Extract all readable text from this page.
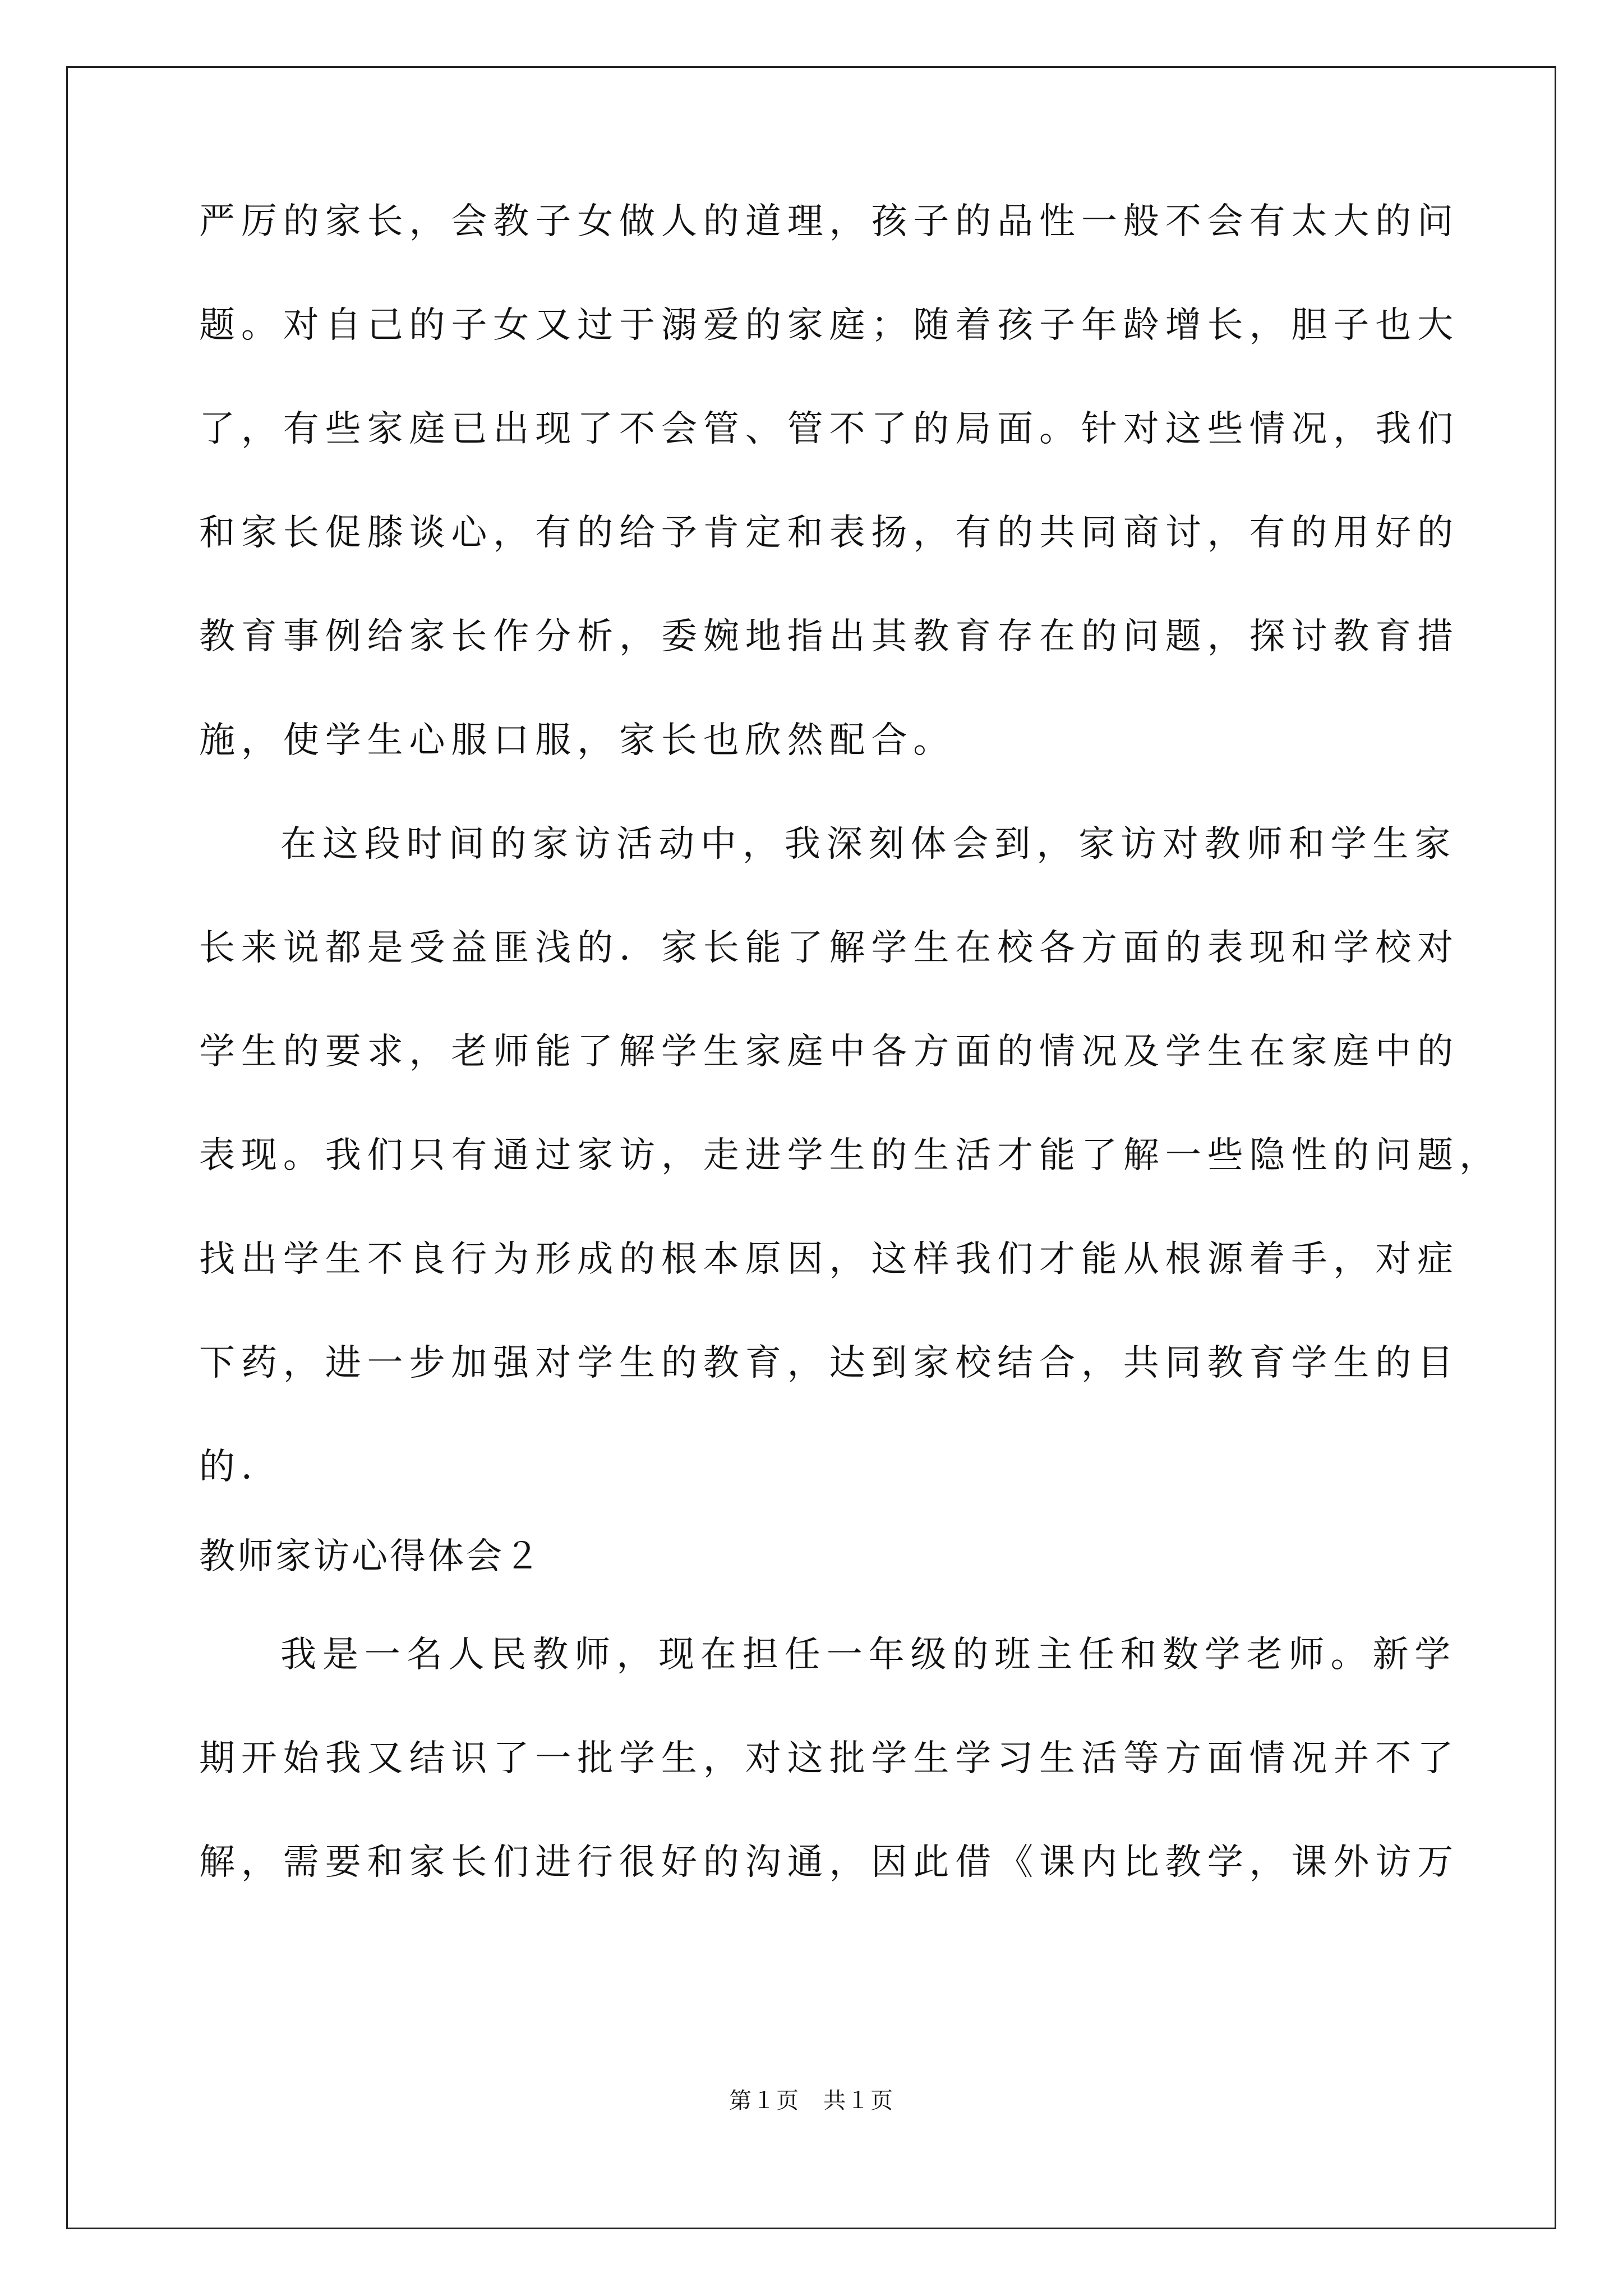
严厉的家长，会教子女做人的道理，孩子的品性一般不会有太大的问
题。对自己的子女又过于溺爱的家庭；随着孩子年龄增长，胆子也大
了，有些家庭已出现了不会管、管不了的局面。针对这些情况，我们
和家长促膝谈心，有的给予肯定和表扬，有的共同商讨，有的用好的
教育事例给家长作分析，委婉地指出其教育存在的问题，探讨教育措
施，使学生心服口服，家长也欣然配合。
在这段时间的家访活动中，我深刻体会到，家访对教师和学生家
长来说都是受益匪浅的．家长能了解学生在校各方面的表现和学校对
学生的要求，老师能了解学生家庭中各方面的情况及学生在家庭中的
表现。我们只有通过家访，走进学生的生活才能了解一些隐性的问题，
找出学生不良行为形成的根本原因，这样我们才能从根源着手，对症
下药，进一步加强对学生的教育，达到家校结合，共同教育学生的目
的．
教师家访心得体会２
我是一名人民教师，现在担任一年级的班主任和数学老师。新学
期开始我又结识了一批学生，对这批学生学习生活等方面情况并不了
解，需要和家长们进行很好的沟通，因此借《课内比教学，课外访万
第１页　共１页
